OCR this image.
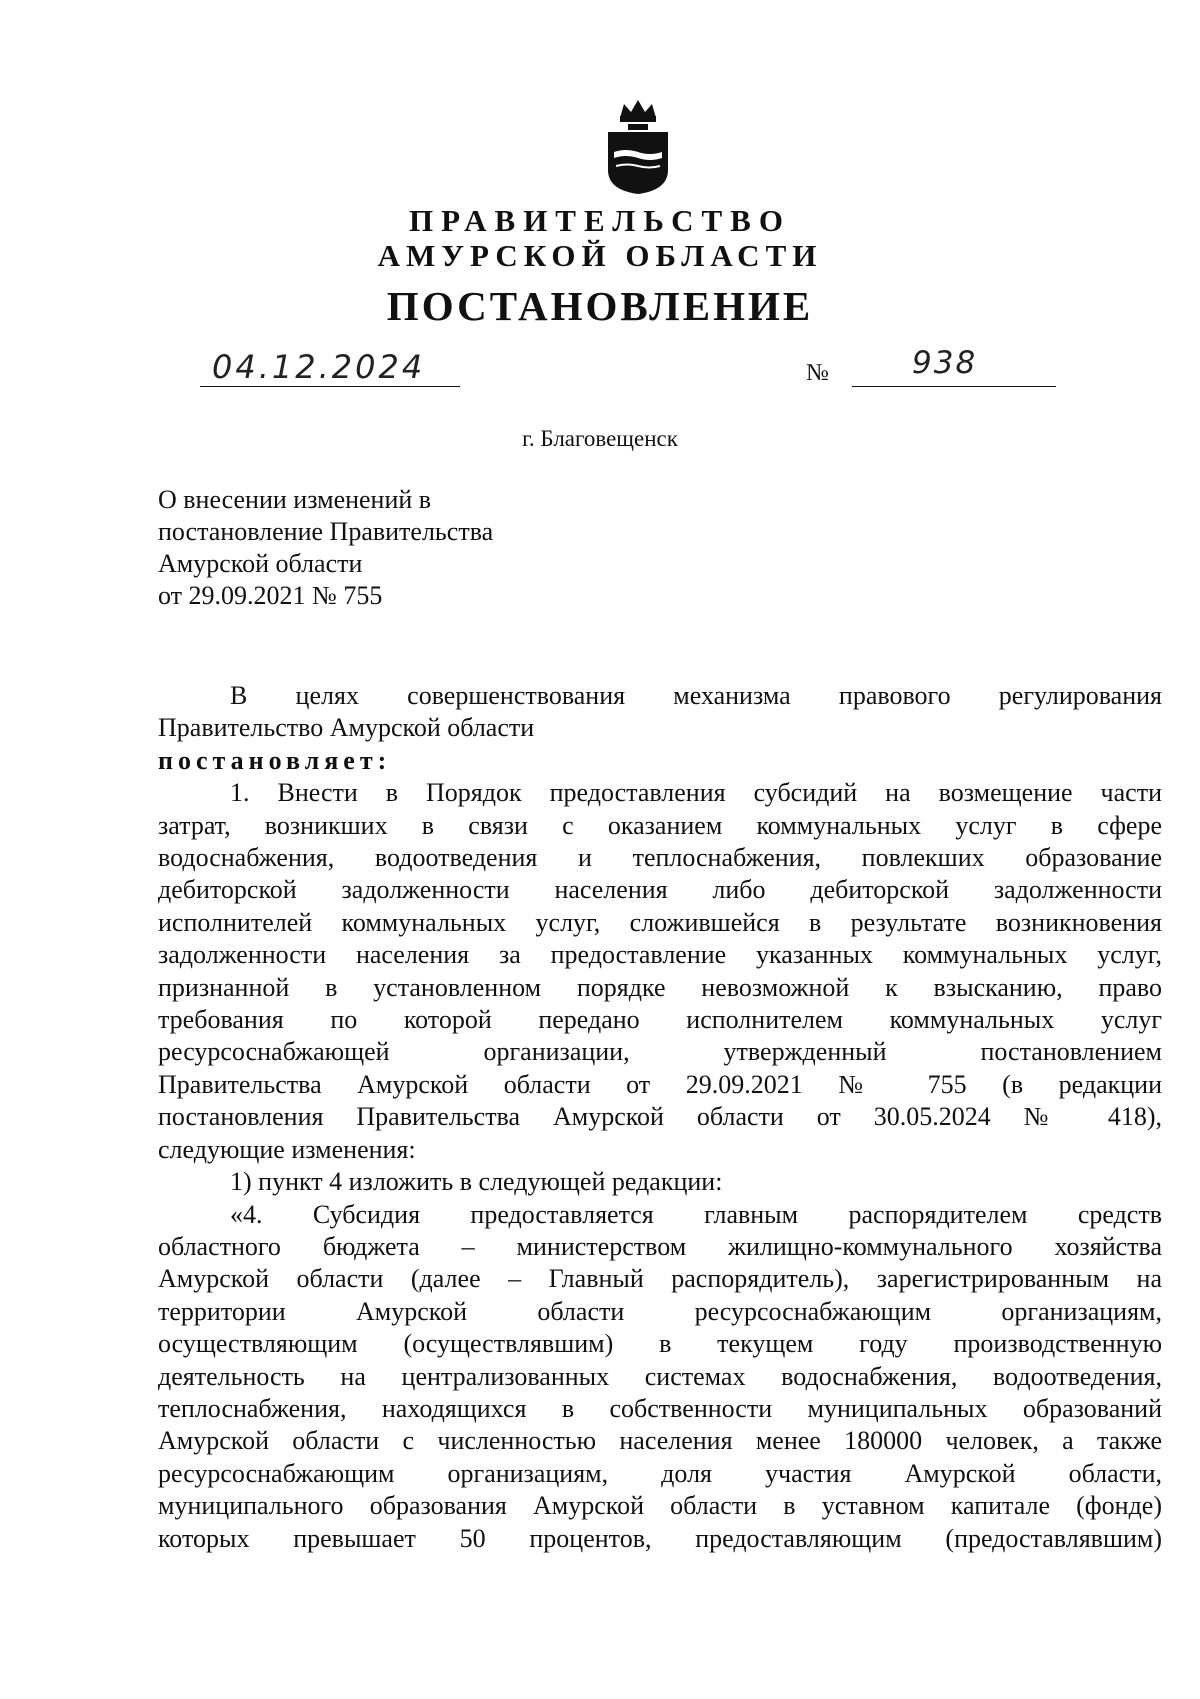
ПРАВИТЕЛЬСТВО
АМУРСКОЙ ОБЛАСТИ
ПОСТАНОВЛЕНИЕ
04.12.2024	№	938
г. Благовещенск
О внесении изменений в
постановление Правительства
Амурской области
от 29.09.2021 № 755

В целях совершенствования механизма правового регулирования

Правительство Амурской области

постановляет:

1. Внести в Порядок предоставления субсидий на возмещение части

затрат, возникших в связи с оказанием коммунальных услуг в сфере

водоснабжения, водоотведения и теплоснабжения, повлекших образование

дебиторской задолженности населения либо дебиторской задолженности

исполнителей коммунальных услуг, сложившейся в результате возникновения

задолженности населения за предоставление указанных коммунальных услуг,

признанной в установленном порядке невозможной к взысканию, право

требования по которой передано исполнителем коммунальных услуг

ресурсоснабжающей организации, утвержденный постановлением

Правительства Амурской области от 29.09.2021 № 755 (в редакции

постановления Правительства Амурской области от 30.05.2024 № 418),

следующие изменения:

1) пункт 4 изложить в следующей редакции:

«4. Субсидия предоставляется главным распорядителем средств

областного бюджета – министерством жилищно-коммунального хозяйства

Амурской области (далее – Главный распорядитель), зарегистрированным на

территории Амурской области ресурсоснабжающим организациям,

осуществляющим (осуществлявшим) в текущем году производственную

деятельность на централизованных системах водоснабжения, водоотведения,

теплоснабжения, находящихся в собственности муниципальных образований

Амурской области с численностью населения менее 180000 человек, а также

ресурсоснабжающим организациям, доля участия Амурской области,

муниципального образования Амурской области в уставном капитале (фонде)

которых превышает 50 процентов, предоставляющим (предоставлявшим)
